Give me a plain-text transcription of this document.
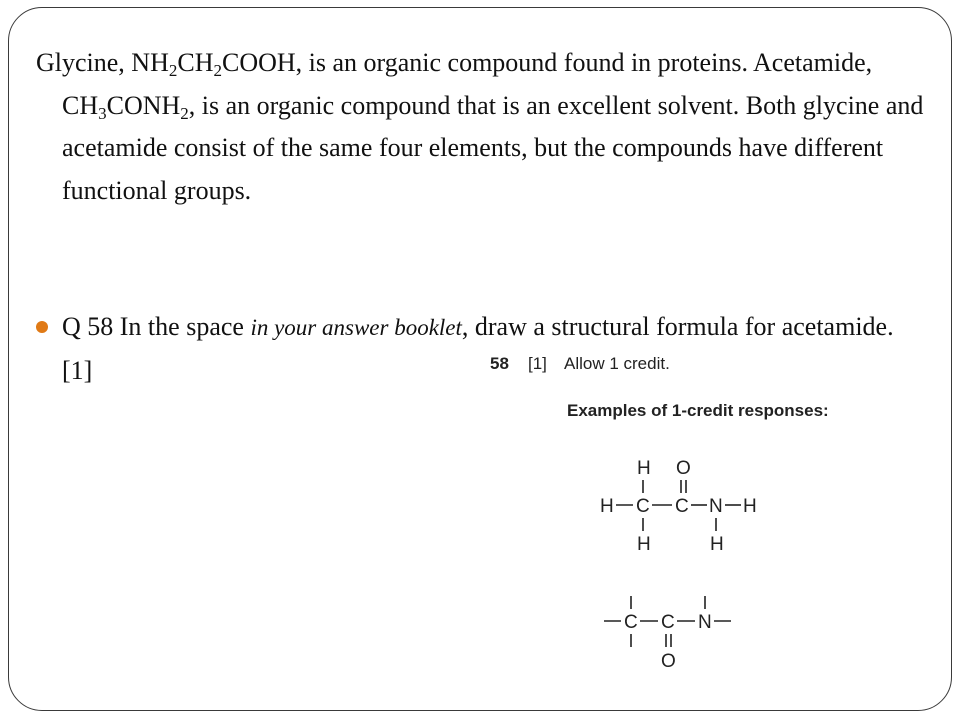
Glycine, $NH_2CH_2COOH$, is an organic compound found in proteins. Acetamide, $CH_3CONH_2$, is an organic compound that is an excellent solvent. Both glycine and acetamide consist of the same four elements, but the compounds have different functional groups.

Q 58 In the space in your answer booklet, draw a structural formula for acetamide. [1]	58 [1] Allow 1 credit.
Examples of 1-credit responses:
H O
H C C N H
H	H
C C N
O
